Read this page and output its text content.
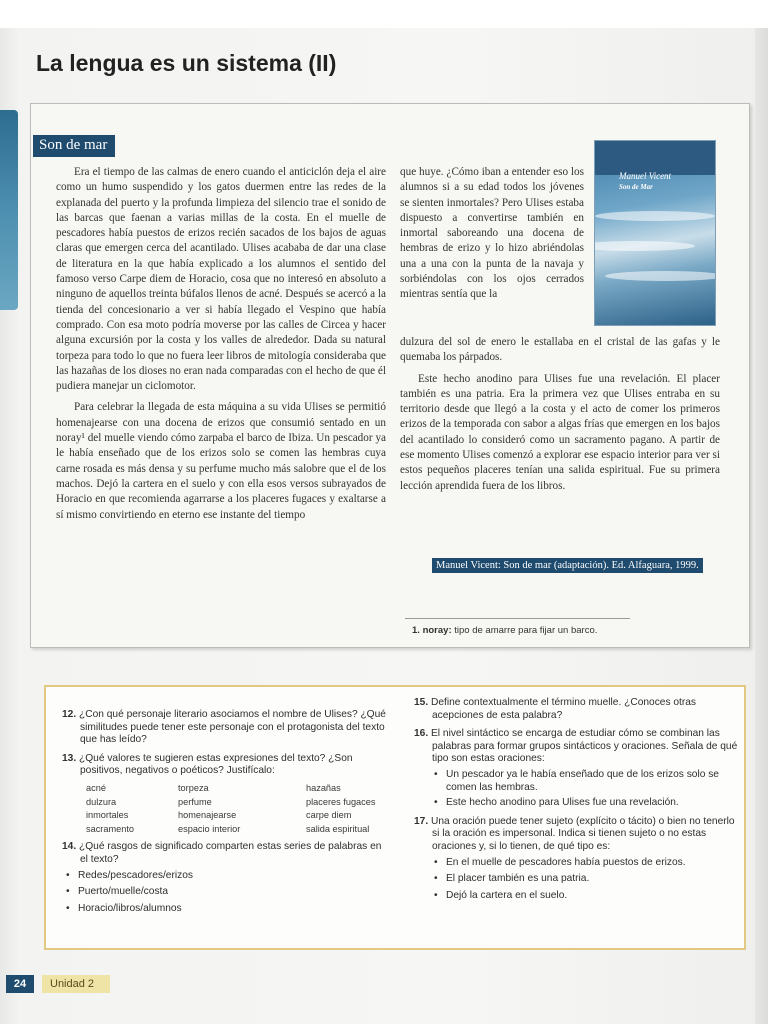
La lengua es un sistema (II)
Son de mar
Manuel Vicent
Son de Mar

Era el tiempo de las calmas de enero cuando el anticiclón deja el aire como un humo suspendido y los gatos duermen entre las redes de la explanada del puerto y la profunda limpieza del silencio trae el sonido de las barcas que faenan a varias millas de la costa. En el muelle de pescadores había puestos de erizos recién sacados de los bajos de aguas claras que emergen cerca del acantilado. Ulises acababa de dar una clase de literatura en la que había explicado a los alumnos el sentido del famoso verso Carpe diem de Horacio, cosa que no interesó en absoluto a ninguno de aquellos treinta búfalos llenos de acné. Después se acercó a la tienda del concesionario a ver si había llegado el Vespino que había comprado. Con esa moto podría moverse por las calles de Circea y hacer alguna excursión por la costa y los valles de alrededor. Dada su natural torpeza para todo lo que no fuera leer libros de mitología consideraba que las hazañas de los dioses no eran nada comparadas con el hecho de que él pudiera manejar un ciclomotor.

Para celebrar la llegada de esta máquina a su vida Ulises se permitió homenajearse con una docena de erizos que consumió sentado en un noray¹ del muelle viendo cómo zarpaba el barco de Ibiza. Un pescador ya le había enseñado que de los erizos solo se comen las hembras cuya carne rosada es más densa y su perfume mucho más salobre que el de los machos. Dejó la cartera en el suelo y con ella esos versos subrayados de Horacio en que recomienda agarrarse a los placeres fugaces y exaltarse a sí mismo convirtiendo en eterno ese instante del tiempo

que huye. ¿Cómo iban a entender eso los alumnos si a su edad todos los jóvenes se sienten inmortales? Pero Ulises estaba dispuesto a convertirse también en inmortal saboreando una docena de hembras de erizo y lo hizo abriéndolas una a una con la punta de la navaja y sorbiéndolas con los ojos cerrados mientras sentía que la

dulzura del sol de enero le estallaba en el cristal de las gafas y le quemaba los párpados.

Este hecho anodino para Ulises fue una revelación. El placer también es una patria. Era la primera vez que Ulises entraba en su territorio desde que llegó a la costa y el acto de comer los primeros erizos de la temporada con sabor a algas frías que emergen en los bajos del acantilado lo consideró como un sacramento pagano. A partir de ese momento Ulises comenzó a explorar ese espacio interior para ver si estos pequeños placeres tenían una salida espiritual. Fue su primera lección aprendida fuera de los libros.

Manuel Vicent: Son de mar (adaptación). Ed. Alfaguara, 1999.
1. noray: tipo de amarre para fijar un barco.
12. ¿Con qué personaje literario asociamos el nombre de Ulises? ¿Qué similitudes puede tener este personaje con el protagonista del texto que has leído?
13. ¿Qué valores te sugieren estas expresiones del texto? ¿Son positivos, negativos o poéticos? Justifícalo:
acné	torpeza	hazañas
dulzura	perfume	placeres fugaces
inmortales	homenajearse	carpe diem
sacramento	espacio interior	salida espiritual
14. ¿Qué rasgos de significado comparten estas series de palabras en el texto?
• Redes/pescadores/erizos
• Puerto/muelle/costa
• Horacio/libros/alumnos
15. Define contextualmente el término muelle. ¿Conoces otras acepciones de esta palabra?
16. El nivel sintáctico se encarga de estudiar cómo se combinan las palabras para formar grupos sintácticos y oraciones. Señala de qué tipo son estas oraciones:
• Un pescador ya le había enseñado que de los erizos solo se comen las hembras.
• Este hecho anodino para Ulises fue una revelación.
17. Una oración puede tener sujeto (explícito o tácito) o bien no tenerlo si la oración es impersonal. Indica si tienen sujeto o no estas oraciones y, si lo tienen, de qué tipo es:
• En el muelle de pescadores había puestos de erizos.
• El placer también es una patria.
• Dejó la cartera en el suelo.
24	Unidad 2
